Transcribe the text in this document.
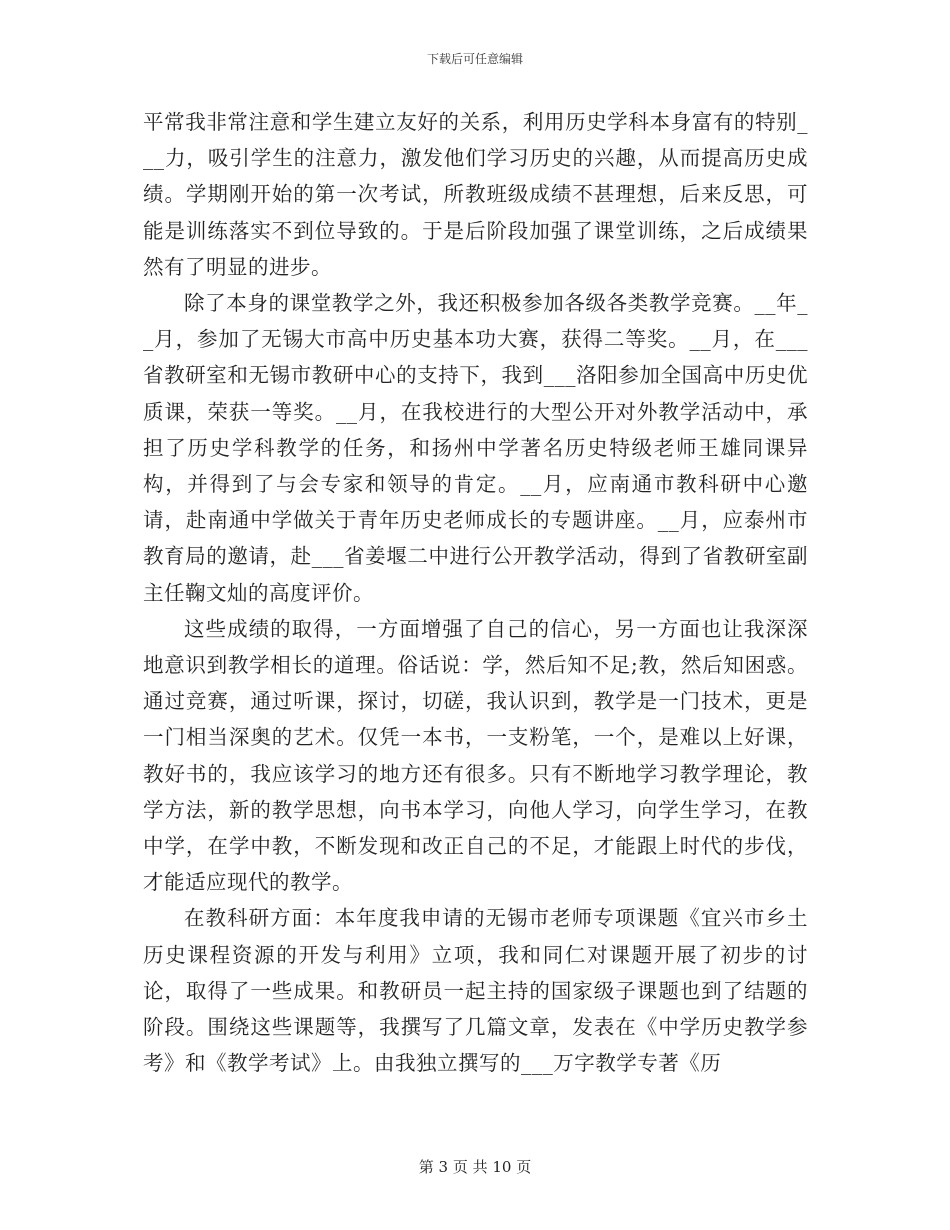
下载后可任意编辑

平常我非常注意和学生建立友好的关系，利用历史学科本身富有的特别___力，吸引学生的注意力，激发他们学习历史的兴趣，从而提高历史成绩。学期刚开始的第一次考试，所教班级成绩不甚理想，后来反思，可能是训练落实不到位导致的。于是后阶段加强了课堂训练，之后成绩果然有了明显的进步。

除了本身的课堂教学之外，我还积极参加各级各类教学竞赛。__年__月，参加了无锡大市高中历史基本功大赛，获得二等奖。__月，在___省教研室和无锡市教研中心的支持下，我到___洛阳参加全国高中历史优质课，荣获一等奖。__月，在我校进行的大型公开对外教学活动中，承担了历史学科教学的任务，和扬州中学著名历史特级老师王雄同课异构，并得到了与会专家和领导的肯定。__月，应南通市教科研中心邀请，赴南通中学做关于青年历史老师成长的专题讲座。__月，应泰州市教育局的邀请，赴___省姜堰二中进行公开教学活动，得到了省教研室副主任鞠文灿的高度评价。

这些成绩的取得，一方面增强了自己的信心，另一方面也让我深深地意识到教学相长的道理。俗话说：学，然后知不足;教，然后知困惑。通过竞赛，通过听课，探讨，切磋，我认识到，教学是一门技术，更是一门相当深奥的艺术。仅凭一本书，一支粉笔，一个，是难以上好课，教好书的，我应该学习的地方还有很多。只有不断地学习教学理论，教学方法，新的教学思想，向书本学习，向他人学习，向学生学习，在教中学，在学中教，不断发现和改正自己的不足，才能跟上时代的步伐，才能适应现代的教学。

在教科研方面：本年度我申请的无锡市老师专项课题《宜兴市乡土历史课程资源的开发与利用》立项，我和同仁对课题开展了初步的讨论，取得了一些成果。和教研员一起主持的国家级子课题也到了结题的阶段。围绕这些课题等，我撰写了几篇文章，发表在《中学历史教学参考》和《教学考试》上。由我独立撰写的___万字教学专著《历

第 3 页 共 10 页
